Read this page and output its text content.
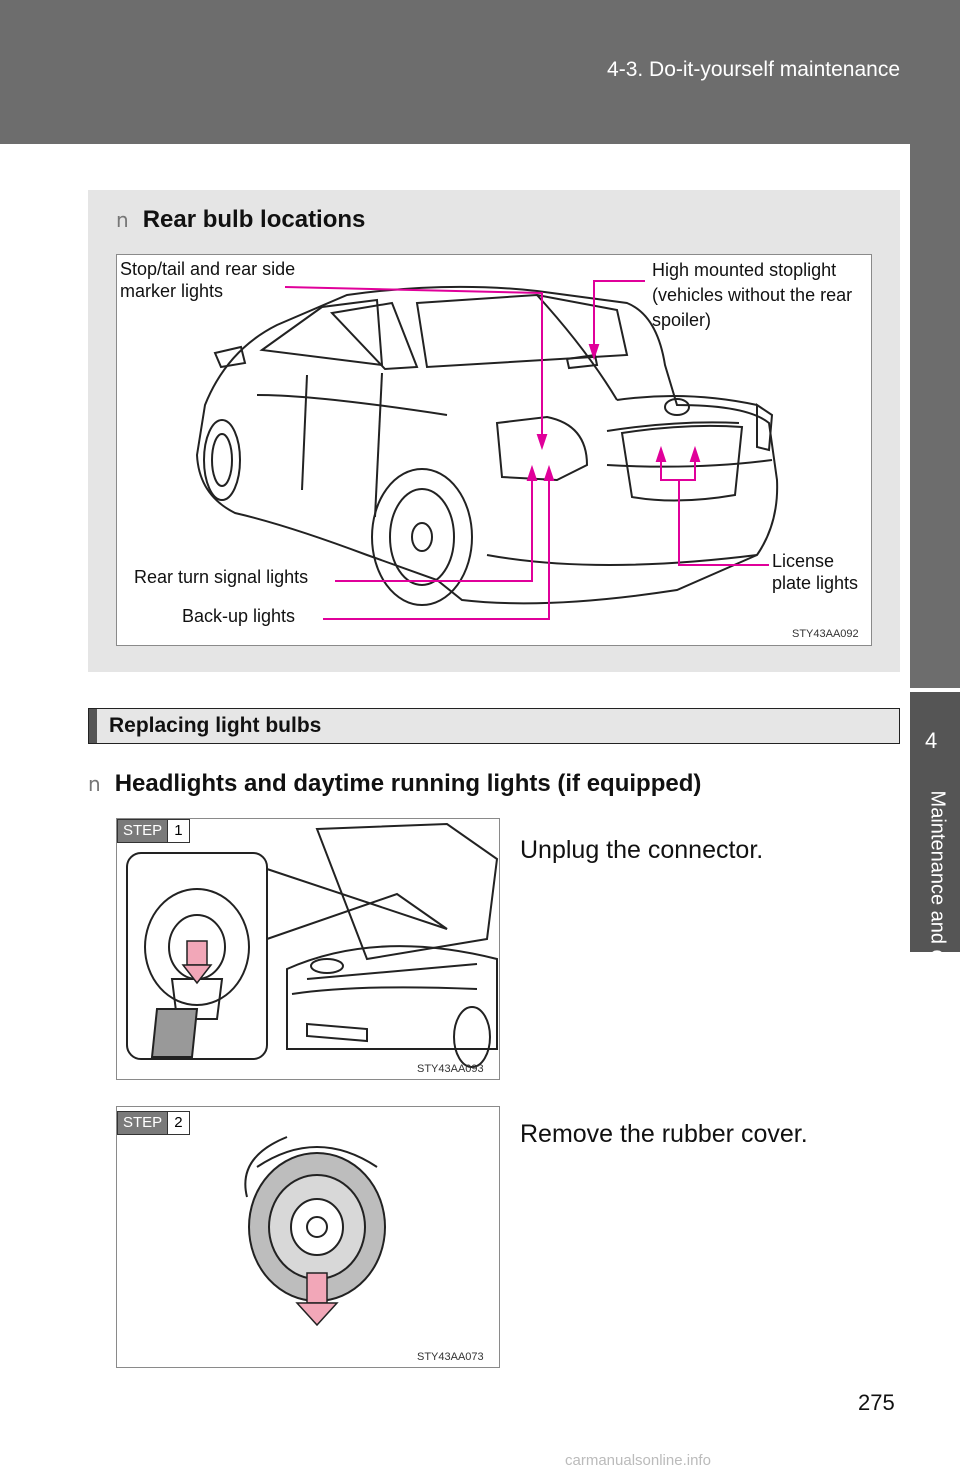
4-3. Do-it-yourself maintenance
4
Maintenance and care
n Rear bulb locations
Stop/tail and rear side marker lights
High mounted stoplight (vehicles without the rear spoiler)
License plate lights
Rear turn signal lights
Back-up lights
STY43AA092
Replacing light bulbs
n Headlights and daytime running lights (if equipped)
STEP 1
STY43AA093
Unplug the connector.
STEP 2
STY43AA073
Remove the rubber cover.
275
carmanualsonline.info
